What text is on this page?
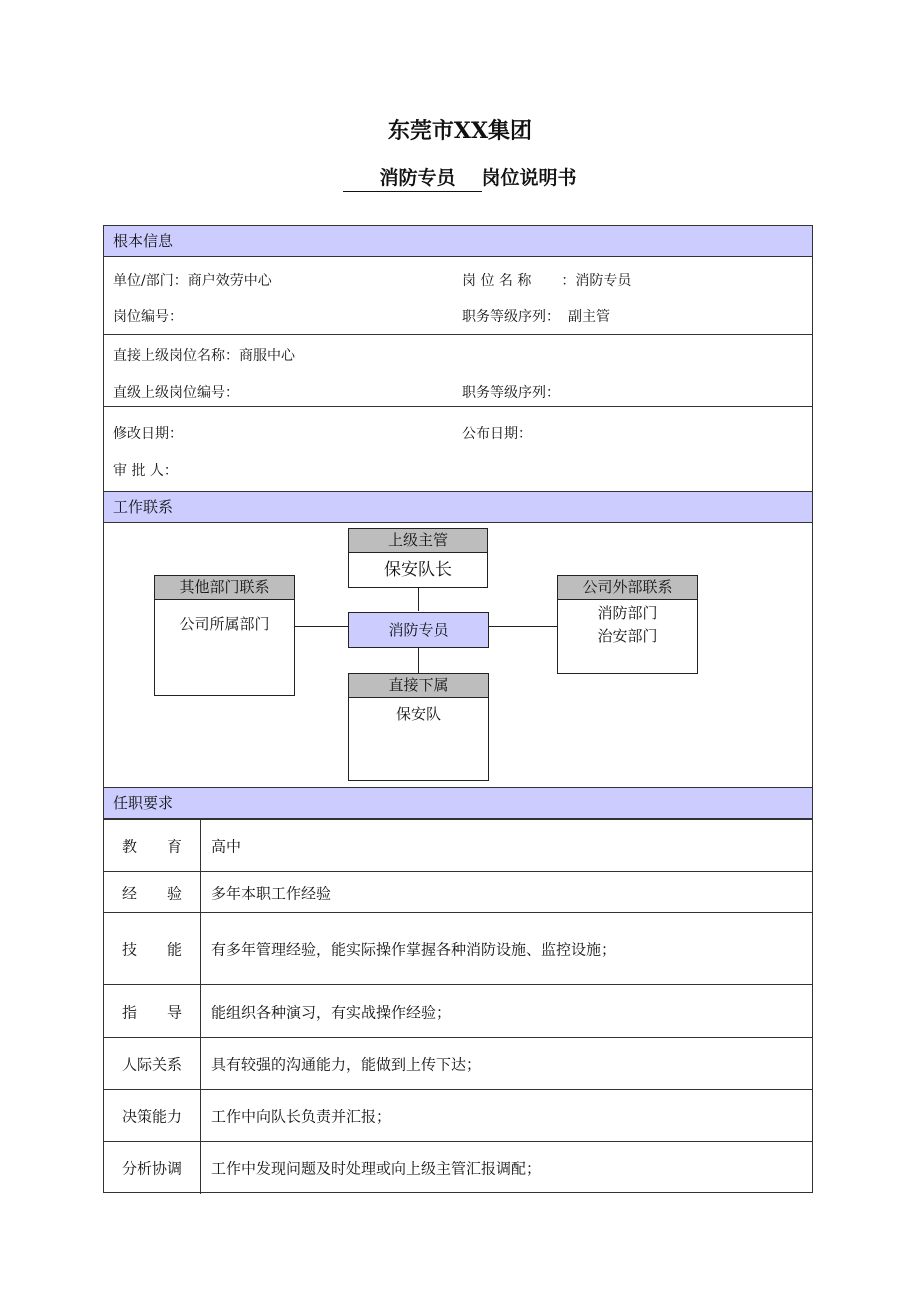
东莞市XX集团
消防专员 岗位说明书
根本信息
单位/部门：商户效劳中心	岗 位 名 称 ：消防专员
岗位编号：	职务等级序列： 副主管
直接上级岗位名称：商服中心
直级上级岗位编号：	职务等级序列：
修改日期：	公布日期：
审 批 人：
工作联系
上级主管
保安队长
其他部门联系
公司所属部门	消防专员
公司外部联系
消防部门
治安部门
直接下属
保安队
任职要求
教　　育	高中
经　　验	多年本职工作经验
技　　能	有多年管理经验，能实际操作掌握各种消防设施、监控设施；
指　　导	能组织各种演习，有实战操作经验；
人际关系	具有较强的沟通能力，能做到上传下达；
决策能力	工作中向队长负责并汇报；
分析协调	工作中发现问题及时处理或向上级主管汇报调配；
